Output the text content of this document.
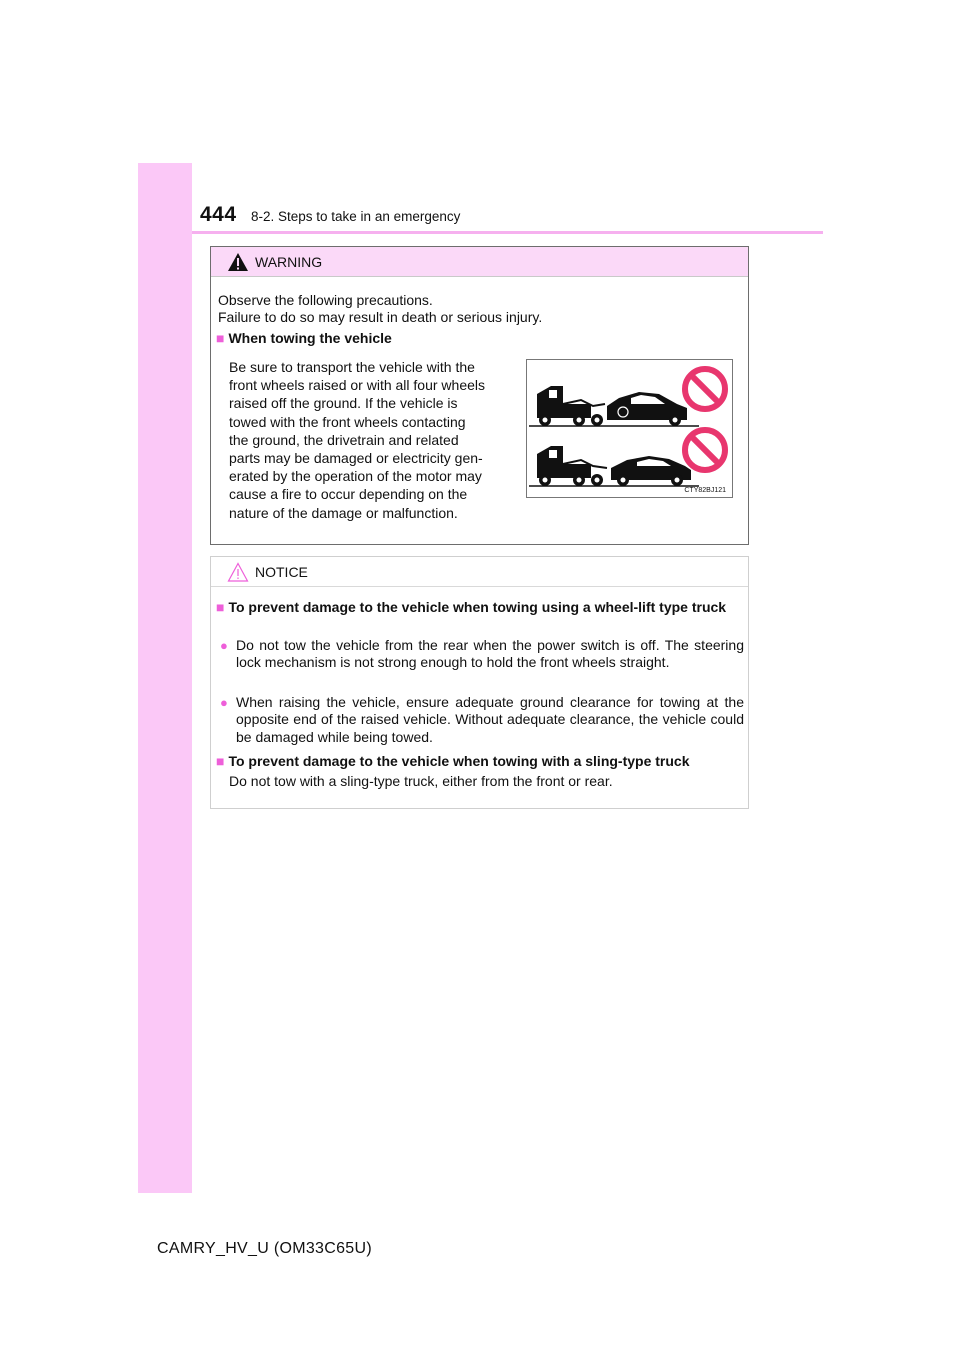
444 8-2. Steps to take in an emergency
WARNING
Observe the following precautions.
Failure to do so may result in death or serious injury.
■ When towing the vehicle
Be sure to transport the vehicle with the
front wheels raised or with all four wheels
raised off the ground. If the vehicle is
towed with the front wheels contacting
the ground, the drivetrain and related
parts may be damaged or electricity gen-
erated by the operation of the motor may
cause a fire to occur depending on the
nature of the damage or malfunction.
CTY82BJ121
NOTICE
■ To prevent damage to the vehicle when towing using a wheel-lift type truck
● Do not tow the vehicle from the rear when the power switch is off. The steering lock mechanism is not strong enough to hold the front wheels straight.
● When raising the vehicle, ensure adequate ground clearance for towing at the opposite end of the raised vehicle. Without adequate clearance, the vehicle could be damaged while being towed.
■ To prevent damage to the vehicle when towing with a sling-type truck
Do not tow with a sling-type truck, either from the front or rear.
CAMRY_HV_U (OM33C65U)
